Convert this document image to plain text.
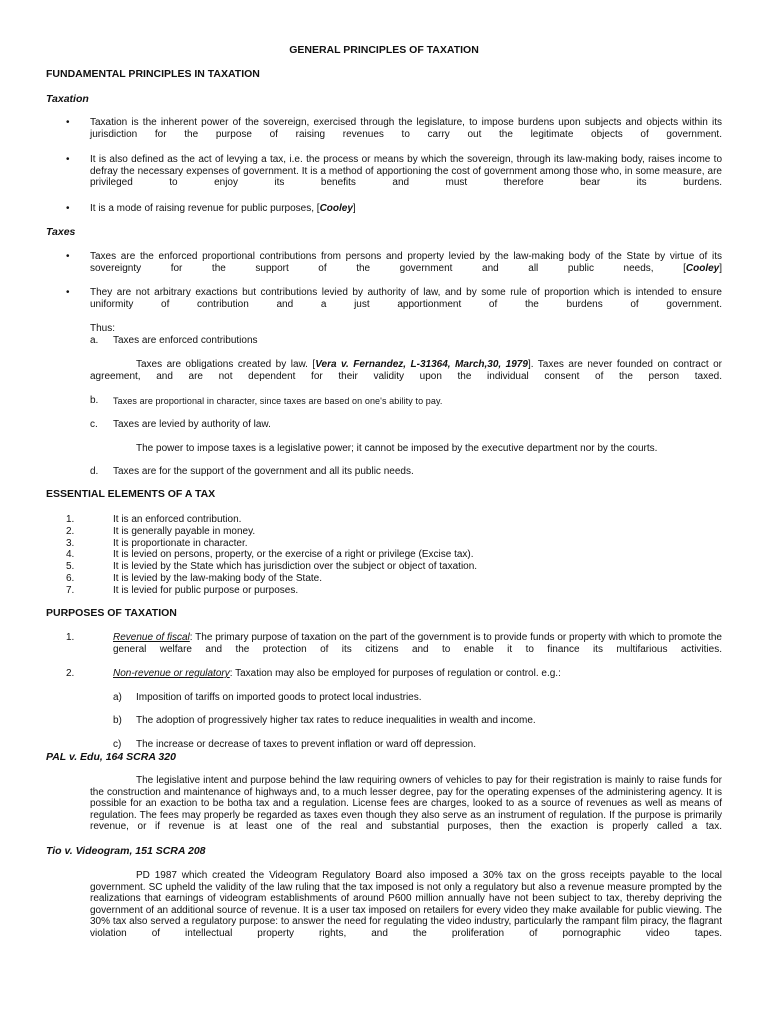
GENERAL PRINCIPLES OF TAXATION
FUNDAMENTAL PRINCIPLES IN TAXATION
Taxation
• Taxation is the inherent power of the sovereign, exercised through the legislature, to impose burdens upon subjects and objects within its jurisdiction for the purpose of raising revenues to carry out the legitimate objects of government.
• It is also defined as the act of levying a tax, i.e. the process or means by which the sovereign, through its law-making body, raises income to defray the necessary expenses of government. It is a method of apportioning the cost of government among those who, in some measure, are privileged to enjoy its benefits and must therefore bear its burdens.
• It is a mode of raising revenue for public purposes, [Cooley]
Taxes
• Taxes are the enforced proportional contributions from persons and property levied by the law-making body of the State by virtue of its sovereignty for the support of the government and all public needs, [Cooley]
• They are not arbitrary exactions but contributions levied by authority of law, and by some rule of proportion which is intended to ensure uniformity of contribution and a just apportionment of the burdens of government.
Thus:
a. Taxes are enforced contributions
Taxes are obligations created by law. [Vera v. Fernandez, L-31364, March,30, 1979]. Taxes are never founded on contract or agreement, and are not dependent for their validity upon the individual consent of the person taxed.
b. Taxes are proportional in character, since taxes are based on one's ability to pay.
c. Taxes are levied by authority of law.
The power to impose taxes is a legislative power; it cannot be imposed by the executive department nor by the courts.
d. Taxes are for the support of the government and all its public needs.
ESSENTIAL ELEMENTS OF A TAX
1.	It is an enforced contribution.
2.	It is generally payable in money.
3.	It is proportionate in character.
4.	It is levied on persons, property, or the exercise of a right or privilege (Excise tax).
5.	It is levied by the State which has jurisdiction over the subject or object of taxation.
6.	It is levied by the law-making body of the State.
7.	It is levied for public purpose or purposes.
PURPOSES OF TAXATION
1.	Revenue of fiscal: The primary purpose of taxation on the part of the government is to provide funds or property with which to promote the general welfare and the protection of its citizens and to enable it to finance its multifarious activities.
2.	Non-revenue or regulatory: Taxation may also be employed for purposes of regulation or control. e.g.:
a) Imposition of tariffs on imported goods to protect local industries.
b) The adoption of progressively higher tax rates to reduce inequalities in wealth and income.
c) The increase or decrease of taxes to prevent inflation or ward off depression.
PAL v. Edu, 164 SCRA 320
The legislative intent and purpose behind the law requiring owners of vehicles to pay for their registration is mainly to raise funds for the construction and maintenance of highways and, to a much lesser degree, pay for the operating expenses of the administering agency. It is possible for an exaction to be botha tax and a regulation. License fees are charges, looked to as a source of revenues as well as means of regulation. The fees may properly be regarded as taxes even though they also serve as an instrument of regulation. If the purpose is primarily revenue, or if revenue is at least one of the real and substantial purposes, then the exaction is properly called a tax.
Tio v. Videogram, 151 SCRA 208
PD 1987 which created the Videogram Regulatory Board also imposed a 30% tax on the gross receipts payable to the local government. SC upheld the validity of the law ruling that the tax imposed is not only a regulatory but also a revenue measure prompted by the realizations that earnings of videogram establishments of around P600 million annually have not been subject to tax, thereby depriving the government of an additional source of revenue. It is a user tax imposed on retailers for every video they make available for public viewing. The 30% tax also served a regulatory purpose: to answer the need for regulating the video industry, particularly the rampant film piracy, the flagrant violation of intellectual property rights, and the proliferation of pornographic video tapes.
